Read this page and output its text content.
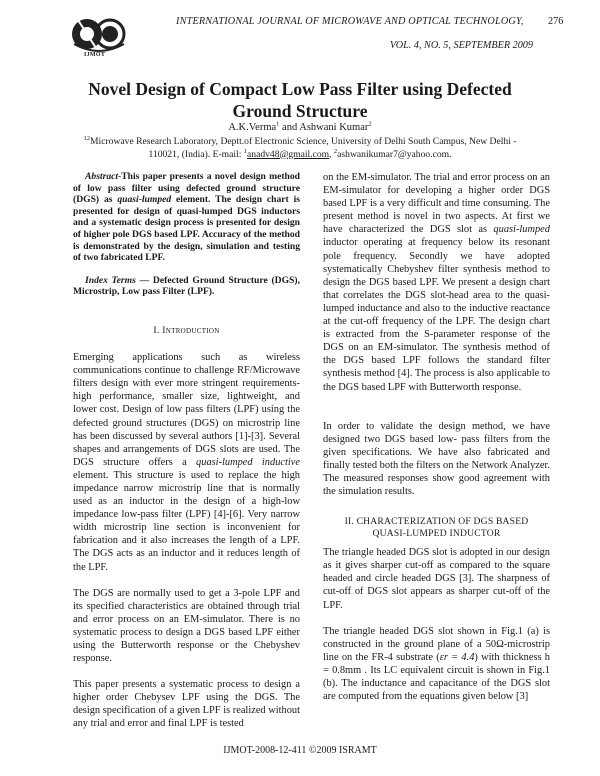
IJMOT
INTERNATIONAL JOURNAL OF MICROWAVE AND OPTICAL TECHNOLOGY, 276
VOL. 4, NO. 5, SEPTEMBER 2009
Novel Design of Compact Low Pass Filter using Defected Ground Structure
A.K.Verma$^1$ and Ashwani Kumar$^2$
$^{12}$Microwave Research Laboratory, Deptt.of Electronic Science, University of Delhi South Campus, New Delhi - 110021, (India). E-mail: $^1$anadv48@gmail.com, $^2$ashwanikumar7@yahoo.com.

Abstract-This paper presents a novel design method of low pass filter using defected ground structure (DGS) as quasi-lumped element. The design chart is presented for design of quasi-lumped DGS inductors and a systematic design process is presented for design of higher pole DGS based LPF. Accuracy of the method is demonstrated by the design, simulation and testing of two fabricated LPF.

Index Terms — Defected Ground Structure (DGS), Microstrip, Low pass Filter (LPF).

I. Introduction

Emerging applications such as wireless communications continue to challenge RF/Microwave filters design with ever more stringent requirements-high performance, smaller size, lightweight, and lower cost. Design of low pass filters (LPF) using the defected ground structures (DGS) on microstrip line has been discussed by several authors [1]-[3]. Several shapes and arrangements of DGS slots are used. The DGS structure offers a quasi-lumped inductive element. This structure is used to replace the high impedance narrow microstrip line that is normally used as an inductor in the design of a high-low impedance low-pass filter (LPF) [4]-[6]. Very narrow width microstrip line section is inconvenient for fabrication and it also increases the length of a LPF. The DGS acts as an inductor and it reduces length of the LPF.

The DGS are normally used to get a 3-pole LPF and its specified characteristics are obtained through trial and error process on an EM-simulator. There is no systematic process to design a DGS based LPF either using the Butterworth response or the Chebyshev response.

This paper presents a systematic process to design a higher order Chebysev LPF using the DGS. The design specification of a given LPF is realized without any trial and error and final LPF is tested

on the EM-simulator. The trial and error process on an EM-simulator for developing a higher order DGS based LPF is a very difficult and time consuming. The present method is novel in two aspects. At first we have characterized the DGS slot as quasi-lumped inductor operating at frequency below its resonant pole frequency. Secondly we have adopted systematically Chebyshev filter synthesis method to design the DGS based LPF. We present a design chart that correlates the DGS slot-head area to the quasi-lumped inductance and also to the inductive reactance at the cut-off frequency of the LPF. The design chart is extracted from the S-parameter response of the DGS on an EM-simulator. The synthesis method of the DGS based LPF follows the standard filter synthesis method [4]. The process is also applicable to the DGS based LPF with Butterworth response.

In order to validate the design method, we have designed two DGS based low- pass filters from the given specifications. We have also fabricated and finally tested both the filters on the Network Analyzer. The measured responses show good agreement with the simulation results.

II. CHARACTERIZATION OF DGS BASED
QUASI-LUMPED INDUCTOR

The triangle headed DGS slot is adopted in our design as it gives sharper cut-off as compared to the square headed and circle headed DGS [3]. The sharpness of cut-off of DGS slot appears as sharper cut-off of the LPF.

The triangle headed DGS slot shown in Fig.1 (a) is constructed in the ground plane of a 50Ω-microstrip line on the FR-4 substrate (εr = 4.4) with thickness h = 0.8mm . Its LC equivalent circuit is shown in Fig.1 (b). The inductance and capacitance of the DGS slot are computed from the equations given below [3]

IJMOT-2008-12-411 ©2009 ISRAMT
